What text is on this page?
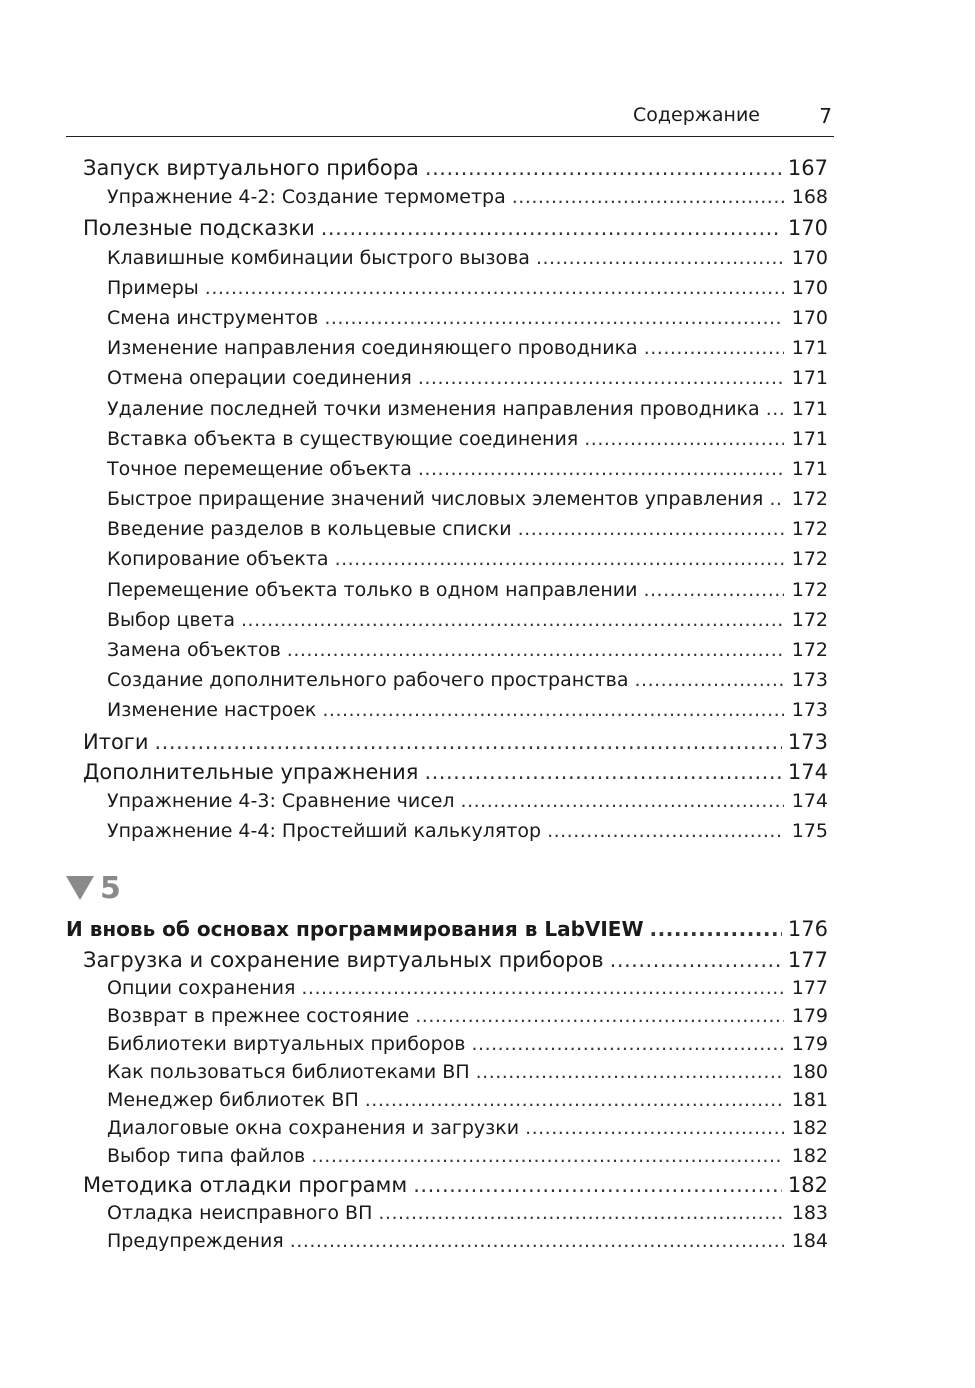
Содержание	7
Запуск виртуального прибора .....	167
Упражнение 4-2: Создание термометра .....	168
Полезные подсказки .....	170
Клавишные комбинации быстрого вызова .....	170
Примеры .....	170
Смена инструментов .....	170
Изменение направления соединяющего проводника .....	171
Отмена операции соединения .....	171
Удаление последней точки изменения направления проводника ..... 171
Вставка объекта в существующие соединения .....	171
Точное перемещение объекта .....	171
Быстрое приращение значений числовых элементов управления ..... 172
Введение разделов в кольцевые списки .....	172
Копирование объекта .....	172
Перемещение объекта только в одном направлении .....	172
Выбор цвета .....	172
Замена объектов .....	172
Создание дополнительного рабочего пространства .....	173
Изменение настроек .....	173
Итоги .....	173
Дополнительные упражнения .....	174
Упражнение 4-3: Сравнение чисел .....	174
Упражнение 4-4: Простейший калькулятор .....	175
5
И вновь об основах программирования в LabVIEW .....	176
Загрузка и сохранение виртуальных приборов .....	177
Опции сохранения .....	177
Возврат в прежнее состояние .....	179
Библиотеки виртуальных приборов .....	179
Как пользоваться библиотеками ВП .....	180
Менеджер библиотек ВП .....	181
Диалоговые окна сохранения и загрузки .....	182
Выбор типа файлов .....	182
Методика отладки программ .....	182
Отладка неисправного ВП .....	183
Предупреждения .....	184
